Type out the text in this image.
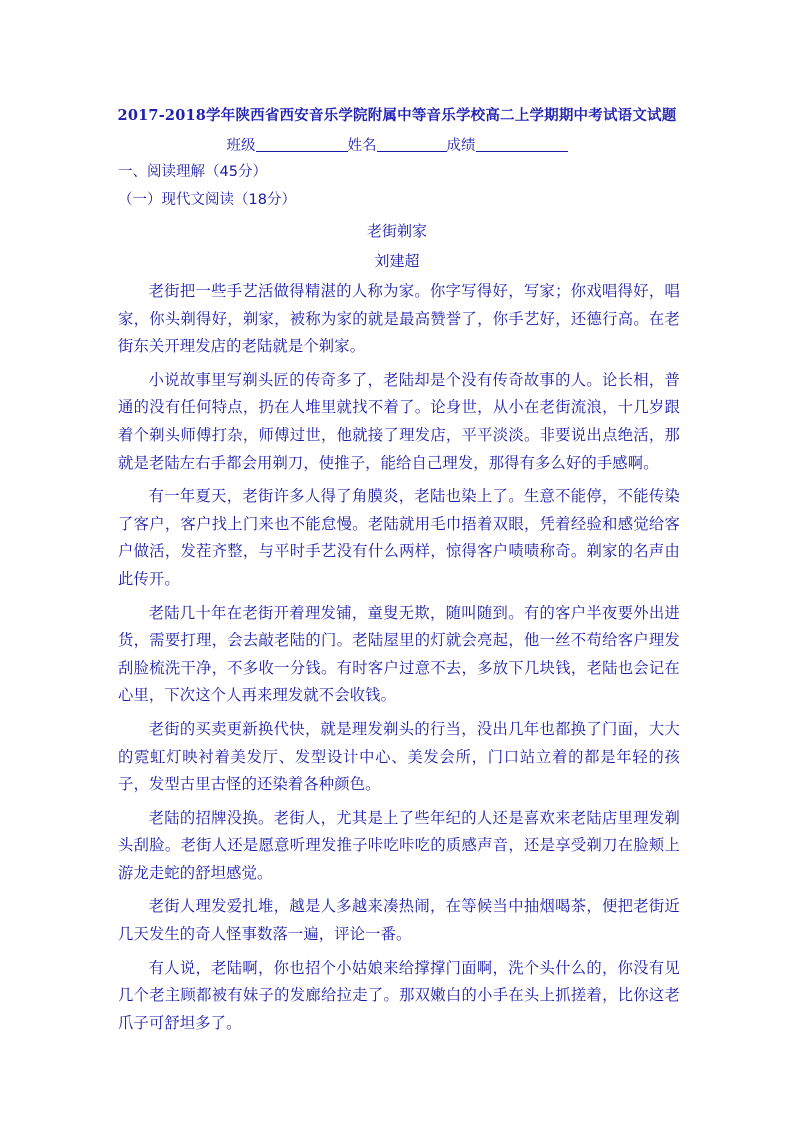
2017-2018学年陕西省西安音乐学院附属中等音乐学校高二上学期期中考试语文试题
班级	姓名	成绩
一、阅读理解（45分）
（一）现代文阅读（18分）
老街剃家
刘建超

老街把一些手艺活做得精湛的人称为家。你字写得好，写家；你戏唱得好，唱家，你头剃得好，剃家，被称为家的就是最高赞誉了，你手艺好，还德行高。在老街东关开理发店的老陆就是个剃家。

小说故事里写剃头匠的传奇多了，老陆却是个没有传奇故事的人。论长相，普通的没有任何特点，扔在人堆里就找不着了。论身世，从小在老街流浪，十几岁跟着个剃头师傅打杂，师傅过世，他就接了理发店，平平淡淡。非要说出点绝活，那就是老陆左右手都会用剃刀，使推子，能给自己理发，那得有多么好的手感啊。

有一年夏天，老街许多人得了角膜炎，老陆也染上了。生意不能停，不能传染了客户，客户找上门来也不能怠慢。老陆就用毛巾捂着双眼，凭着经验和感觉给客户做活，发茬齐整，与平时手艺没有什么两样，惊得客户啧啧称奇。剃家的名声由此传开。

老陆几十年在老街开着理发铺，童叟无欺，随叫随到。有的客户半夜要外出进货，需要打理，会去敲老陆的门。老陆屋里的灯就会亮起，他一丝不苟给客户理发刮脸梳洗干净，不多收一分钱。有时客户过意不去，多放下几块钱，老陆也会记在心里，下次这个人再来理发就不会收钱。

老街的买卖更新换代快，就是理发剃头的行当，没出几年也都换了门面，大大的霓虹灯映衬着美发厅、发型设计中心、美发会所，门口站立着的都是年轻的孩子，发型古里古怪的还染着各种颜色。

老陆的招牌没换。老街人，尤其是上了些年纪的人还是喜欢来老陆店里理发剃头刮脸。老街人还是愿意听理发推子咔吃咔吃的质感声音，还是享受剃刀在脸颊上游龙走蛇的舒坦感觉。

老街人理发爱扎堆，越是人多越来凑热闹，在等候当中抽烟喝茶，便把老街近几天发生的奇人怪事数落一遍，评论一番。

有人说，老陆啊，你也招个小姑娘来给撑撑门面啊，洗个头什么的，你没有见几个老主顾都被有妹子的发廊给拉走了。那双嫩白的小手在头上抓搓着，比你这老爪子可舒坦多了。
